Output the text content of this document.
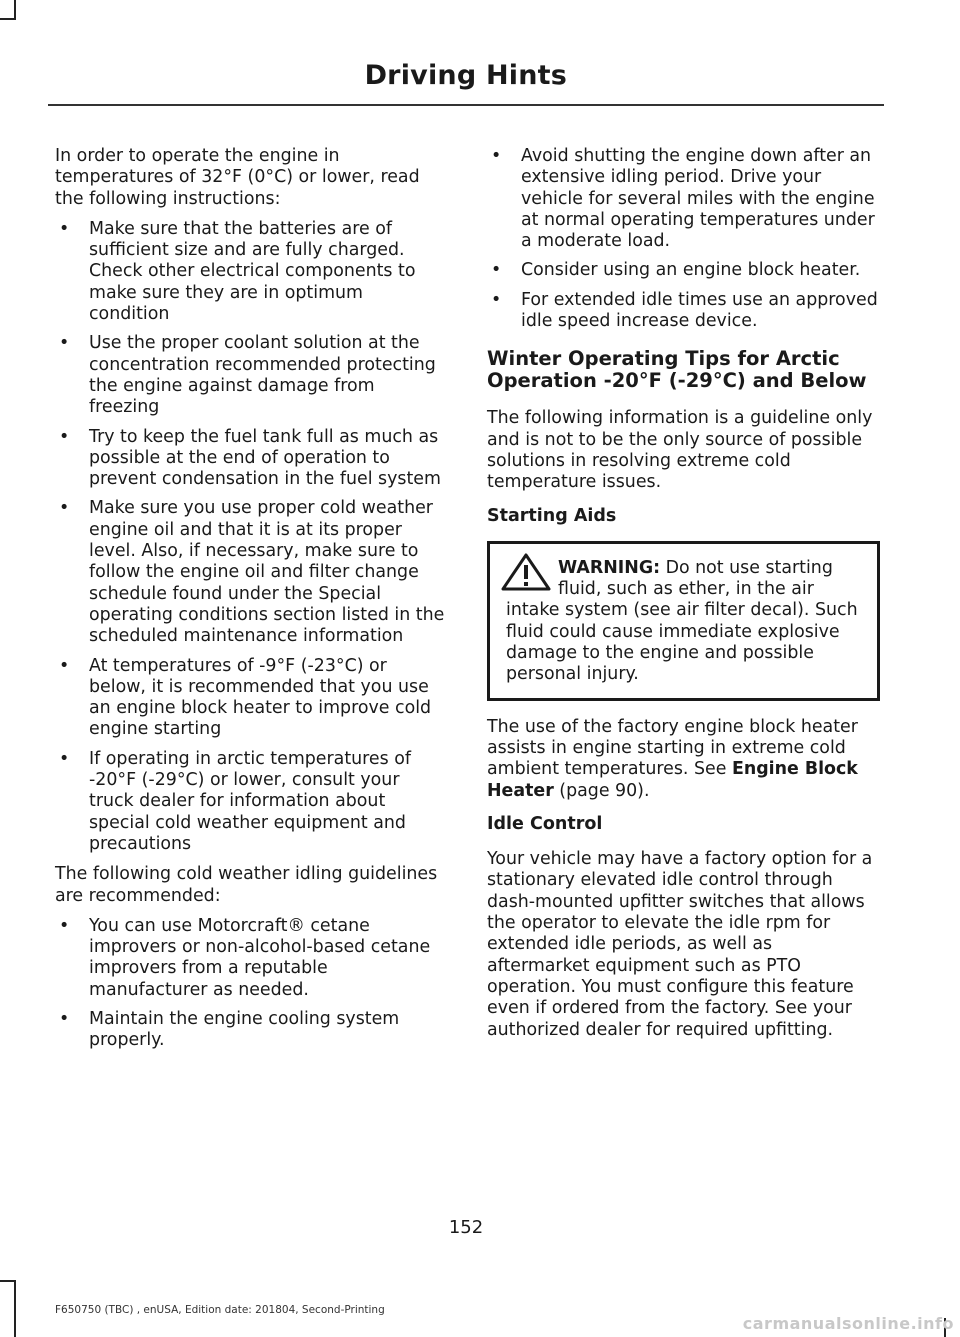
Driving Hints

In order to operate the engine in temperatures of 32°F (0°C) or lower, read the following instructions:

• Make sure that the batteries are of sufficient size and are fully charged. Check other electrical components to make sure they are in optimum condition
• Use the proper coolant solution at the concentration recommended protecting the engine against damage from freezing
• Try to keep the fuel tank full as much as possible at the end of operation to prevent condensation in the fuel system
• Make sure you use proper cold weather engine oil and that it is at its proper level. Also, if necessary, make sure to follow the engine oil and filter change schedule found under the Special operating conditions section listed in the scheduled maintenance information
• At temperatures of -9°F (-23°C) or below, it is recommended that you use an engine block heater to improve cold engine starting
• If operating in arctic temperatures of -20°F (-29°C) or lower, consult your truck dealer for information about special cold weather equipment and precautions

The following cold weather idling guidelines are recommended:

• You can use Motorcraft® cetane improvers or non-alcohol-based cetane improvers from a reputable manufacturer as needed.
• Maintain the engine cooling system properly.
• Avoid shutting the engine down after an extensive idling period. Drive your vehicle for several miles with the engine at normal operating temperatures under a moderate load.
• Consider using an engine block heater.
• For extended idle times use an approved idle speed increase device.
Winter Operating Tips for Arctic Operation -20°F (-29°C) and Below

The following information is a guideline only and is not to be the only source of possible solutions in resolving extreme cold temperature issues.

Starting Aids
WARNING: Do not use starting fluid, such as ether, in the air intake system (see air filter decal). Such fluid could cause immediate explosive damage to the engine and possible personal injury.

The use of the factory engine block heater assists in engine starting in extreme cold ambient temperatures. See Engine Block Heater (page 90).

Idle Control

Your vehicle may have a factory option for a stationary elevated idle control through dash-mounted upfitter switches that allows the operator to elevate the idle rpm for extended idle periods, as well as aftermarket equipment such as PTO operation. You must configure this feature even if ordered from the factory. See your authorized dealer for required upfitting.

152
F650750 (TBC) , enUSA, Edition date: 201804, Second-Printing
carmanualsonline.info
